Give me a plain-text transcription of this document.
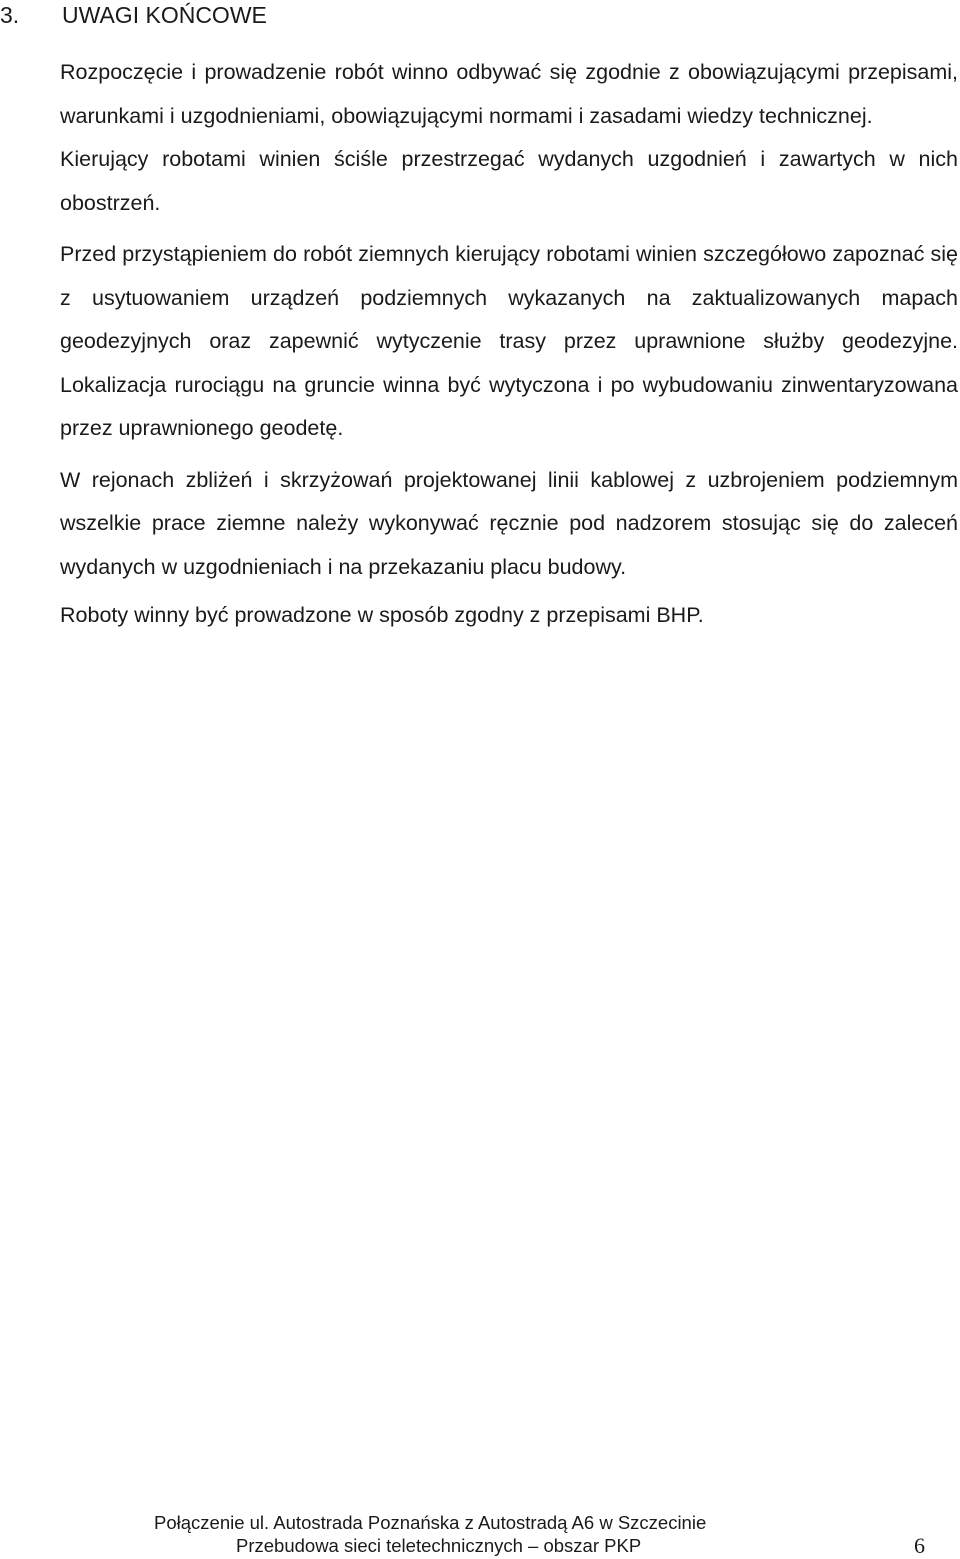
3. UWAGI KOŃCOWE

Rozpoczęcie i prowadzenie robót winno odbywać się zgodnie z obowiązującymi przepisami, warunkami i uzgodnieniami, obowiązującymi normami i zasadami wiedzy technicznej.

Kierujący robotami winien ściśle przestrzegać wydanych uzgodnień i zawartych w nich obostrzeń.

Przed przystąpieniem do robót ziemnych kierujący robotami winien szczegółowo zapoznać się z usytuowaniem urządzeń podziemnych wykazanych na zaktualizowanych mapach geodezyjnych oraz zapewnić wytyczenie trasy przez uprawnione służby geodezyjne. Lokalizacja rurociągu na gruncie winna być wytyczona i po wybudowaniu zinwentaryzowana przez uprawnionego geodetę.

W rejonach zbliżeń i skrzyżowań projektowanej linii kablowej z uzbrojeniem podziemnym wszelkie prace ziemne należy wykonywać ręcznie pod nadzorem stosując się do zaleceń wydanych w uzgodnieniach i na przekazaniu placu budowy.

Roboty winny być prowadzone w sposób zgodny z przepisami BHP.

Połączenie ul. Autostrada Poznańska z Autostradą A6 w Szczecinie
Przebudowa sieci teletechnicznych – obszar PKP	6
